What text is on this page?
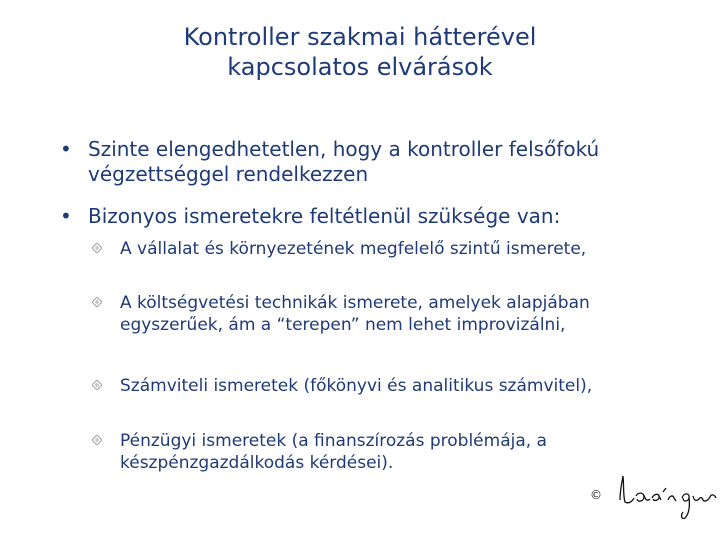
Kontroller szakmai hátterével
kapcsolatos elvárások
• Szinte elengedhetetlen, hogy a kontroller felsőfokú végzettséggel rendelkezzen
• Bizonyos ismeretekre feltétlenül szüksége van:
A vállalat és környezetének megfelelő szintű ismerete,
A költségvetési technikák ismerete, amelyek alapjában egyszerűek, ám a “terepen” nem lehet improvizálni,
Számviteli ismeretek (főkönyvi és analitikus számvitel),
Pénzügyi ismeretek (a finanszírozás problémája, a készpénzgazdálkodás kérdései).
©
